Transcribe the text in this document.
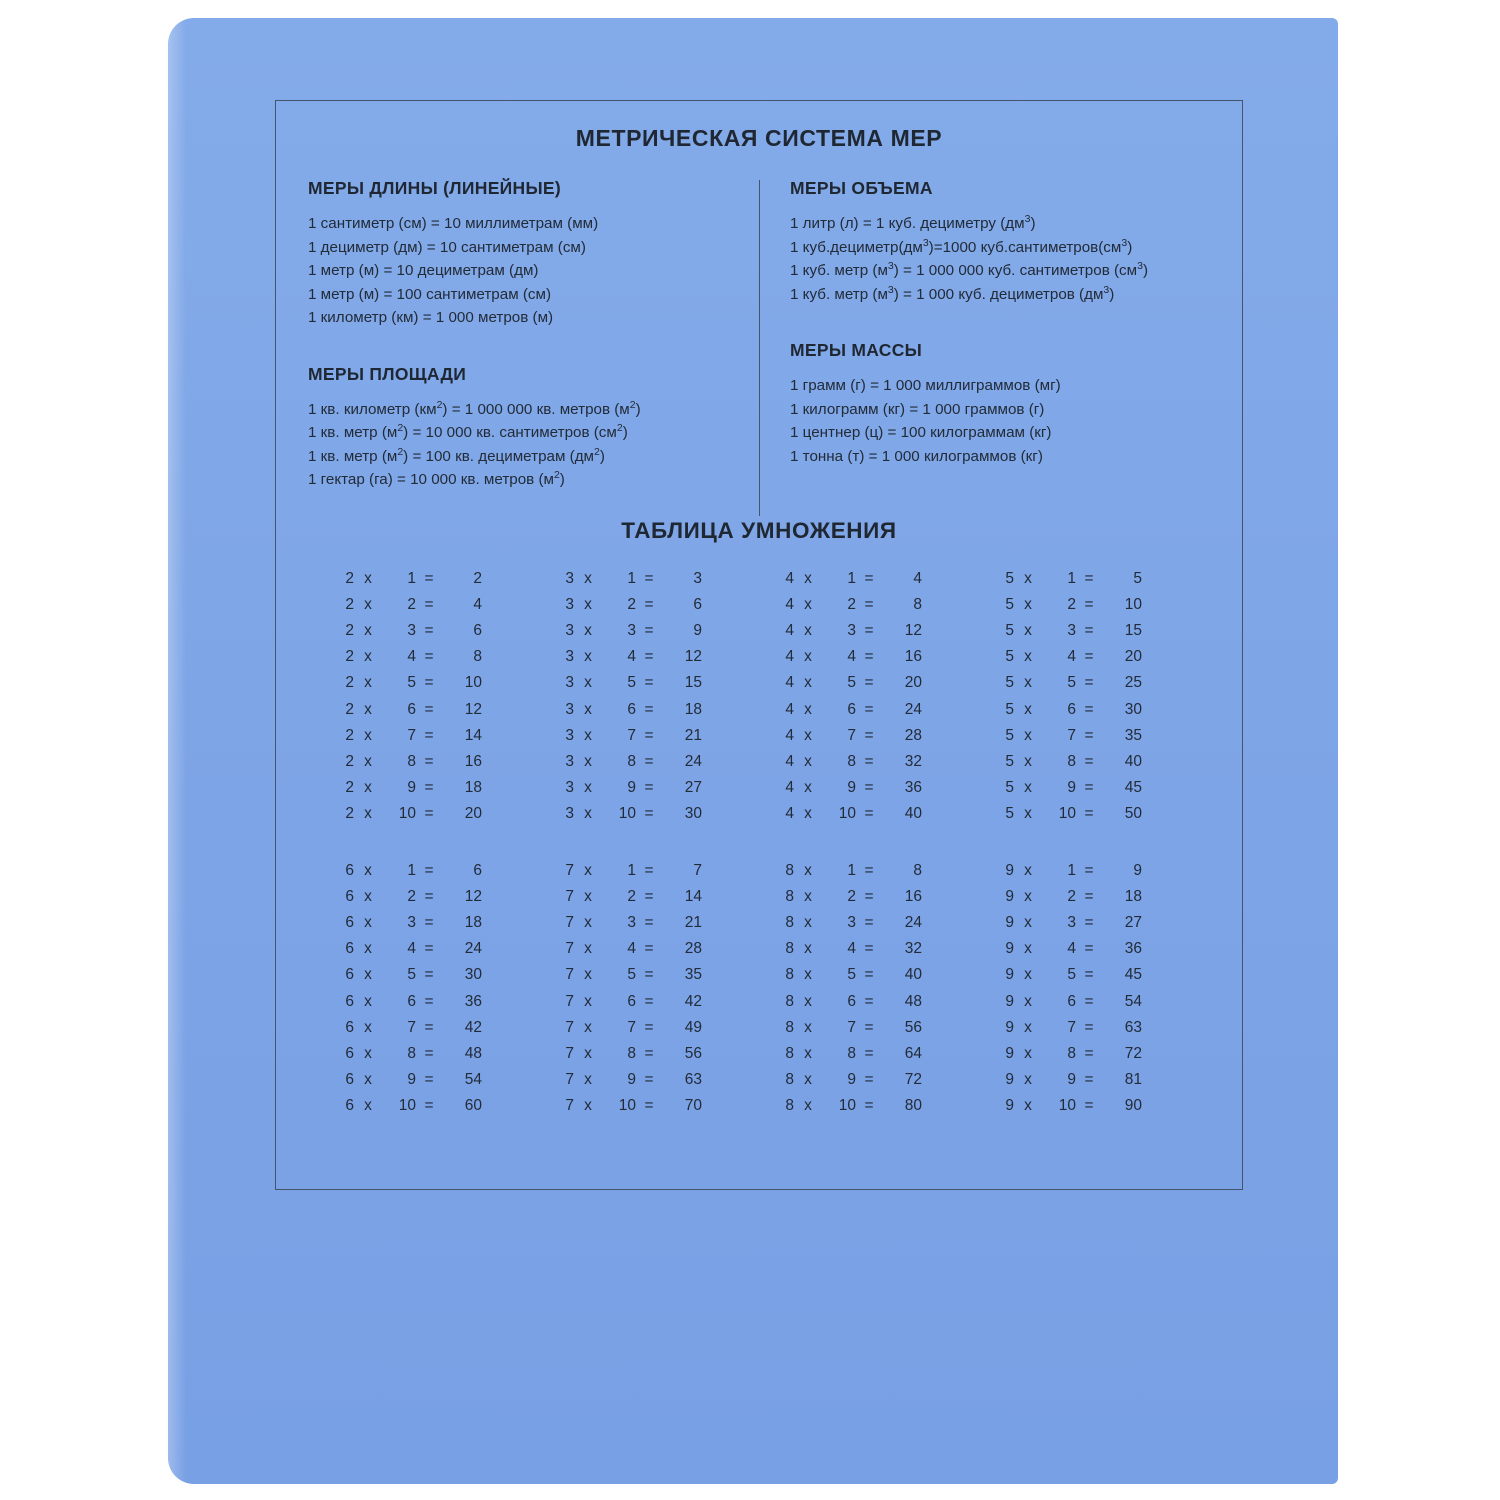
МЕТРИЧЕСКАЯ СИСТЕМА МЕР
МЕРЫ ДЛИНЫ (ЛИНЕЙНЫЕ)
1 сантиметр (см) = 10 миллиметрам (мм)
1 дециметр (дм) = 10 сантиметрам (см)
1 метр (м) = 10 дециметрам (дм)
1 метр (м) = 100 сантиметрам (см)
1 километр (км) = 1 000 метров (м)
МЕРЫ ПЛОЩАДИ
1 кв. километр $(км^2) = 1$ 000 000 кв. метров $(м^2)$
1 кв. метр $(м^2) = 10$ 000 кв. сантиметров $(см^2)$
1 кв. метр $(м^2) = 100$ кв. дециметрам $(дм^2)$
1 гектар (га) = 10 000 кв. метров $(м^2)$
МЕРЫ ОБЪЕМА
1 литр (л) = 1 куб. дециметру $(дм^3)$
1 $куб.дециметр(дм^3)=1000$ $куб.сантиметров(см^3)$
1 куб. метр $(м^3) = 1$ 000 000 куб. сантиметров $(см^3)$
1 куб. метр $(м^3) = 1$ 000 куб. дециметров $(дм^3)$
МЕРЫ МАССЫ
1 грамм (г) = 1 000 миллиграммов (мг)
1 килограмм (кг) = 1 000 граммов (г)
1 центнер (ц) = 100 килограммам (кг)
1 тонна (т) = 1 000 килограммов (кг)
ТАБЛИЦА УМНОЖЕНИЯ
2 x	1 =	2
2 x	2 =	4
2 x	3 =	6
2 x	4 =	8
2 x	5 =	10
2 x	6 =	12
2 x	7 =	14
2 x	8 =	16
2 x	9 =	18
2 x	10 =	20
3 x	1 =	3
3 x	2 =	6
3 x	3 =	9
3 x	4 =	12
3 x	5 =	15
3 x	6 =	18
3 x	7 =	21
3 x	8 =	24
3 x	9 =	27
3 x	10 =	30
4 x	1 =	4
4 x	2 =	8
4 x	3 =	12
4 x	4 =	16
4 x	5 =	20
4 x	6 =	24
4 x	7 =	28
4 x	8 =	32
4 x	9 =	36
4 x	10 =	40
5 x	1 =	5
5 x	2 =	10
5 x	3 =	15
5 x	4 =	20
5 x	5 =	25
5 x	6 =	30
5 x	7 =	35
5 x	8 =	40
5 x	9 =	45
5 x	10 =	50
6 x	1 =	6
6 x	2 =	12
6 x	3 =	18
6 x	4 =	24
6 x	5 =	30
6 x	6 =	36
6 x	7 =	42
6 x	8 =	48
6 x	9 =	54
6 x	10 =	60
7 x	1 =	7
7 x	2 =	14
7 x	3 =	21
7 x	4 =	28
7 x	5 =	35
7 x	6 =	42
7 x	7 =	49
7 x	8 =	56
7 x	9 =	63
7 x	10 =	70
8 x	1 =	8
8 x	2 =	16
8 x	3 =	24
8 x	4 =	32
8 x	5 =	40
8 x	6 =	48
8 x	7 =	56
8 x	8 =	64
8 x	9 =	72
8 x	10 =	80
9 x	1 =	9
9 x	2 =	18
9 x	3 =	27
9 x	4 =	36
9 x	5 =	45
9 x	6 =	54
9 x	7 =	63
9 x	8 =	72
9 x	9 =	81
9 x	10 =	90
